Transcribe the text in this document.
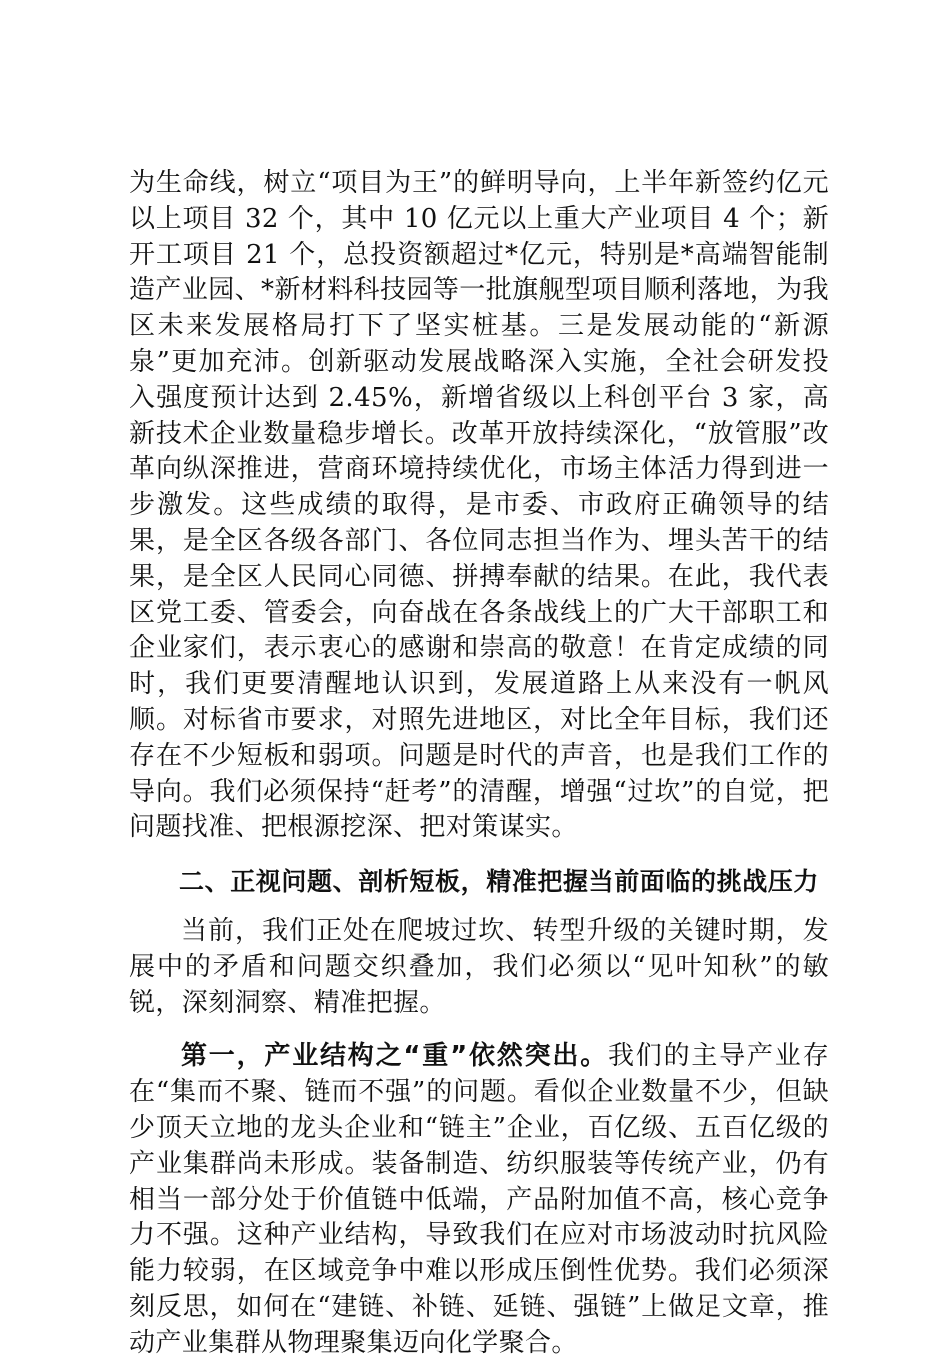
为生命线，树立“项目为王”的鲜明导向，上半年新签约亿元以上项目 32 个，其中 10 亿元以上重大产业项目 4 个；新开工项目 21 个，总投资额超过*亿元，特别是*高端智能制造产业园、*新材料科技园等一批旗舰型项目顺利落地，为我区未来发展格局打下了坚实桩基。三是发展动能的“新源泉”更加充沛。创新驱动发展战略深入实施，全社会研发投入强度预计达到 2.45%，新增省级以上科创平台 3 家，高新技术企业数量稳步增长。改革开放持续深化，“放管服”改革向纵深推进，营商环境持续优化，市场主体活力得到进一步激发。这些成绩的取得，是市委、市政府正确领导的结果，是全区各级各部门、各位同志担当作为、埋头苦干的结果，是全区人民同心同德、拼搏奉献的结果。在此，我代表区党工委、管委会，向奋战在各条战线上的广大干部职工和企业家们，表示衷心的感谢和崇高的敬意！在肯定成绩的同时，我们更要清醒地认识到，发展道路上从来没有一帆风顺。对标省市要求，对照先进地区，对比全年目标，我们还存在不少短板和弱项。问题是时代的声音，也是我们工作的导向。我们必须保持“赶考”的清醒，增强“过坎”的自觉，把问题找准、把根源挖深、把对策谋实。

二、正视问题、剖析短板，精准把握当前面临的挑战压力

当前，我们正处在爬坡过坎、转型升级的关键时期，发展中的矛盾和问题交织叠加，我们必须以“见叶知秋”的敏锐，深刻洞察、精准把握。

第一，产业结构之“重”依然突出。我们的主导产业存在“集而不聚、链而不强”的问题。看似企业数量不少，但缺少顶天立地的龙头企业和“链主”企业，百亿级、五百亿级的产业集群尚未形成。装备制造、纺织服装等传统产业，仍有相当一部分处于价值链中低端，产品附加值不高，核心竞争力不强。这种产业结构，导致我们在应对市场波动时抗风险能力较弱，在区域竞争中难以形成压倒性优势。我们必须深刻反思，如何在“建链、补链、延链、强链”上做足文章，推动产业集群从物理聚集迈向化学聚合。
